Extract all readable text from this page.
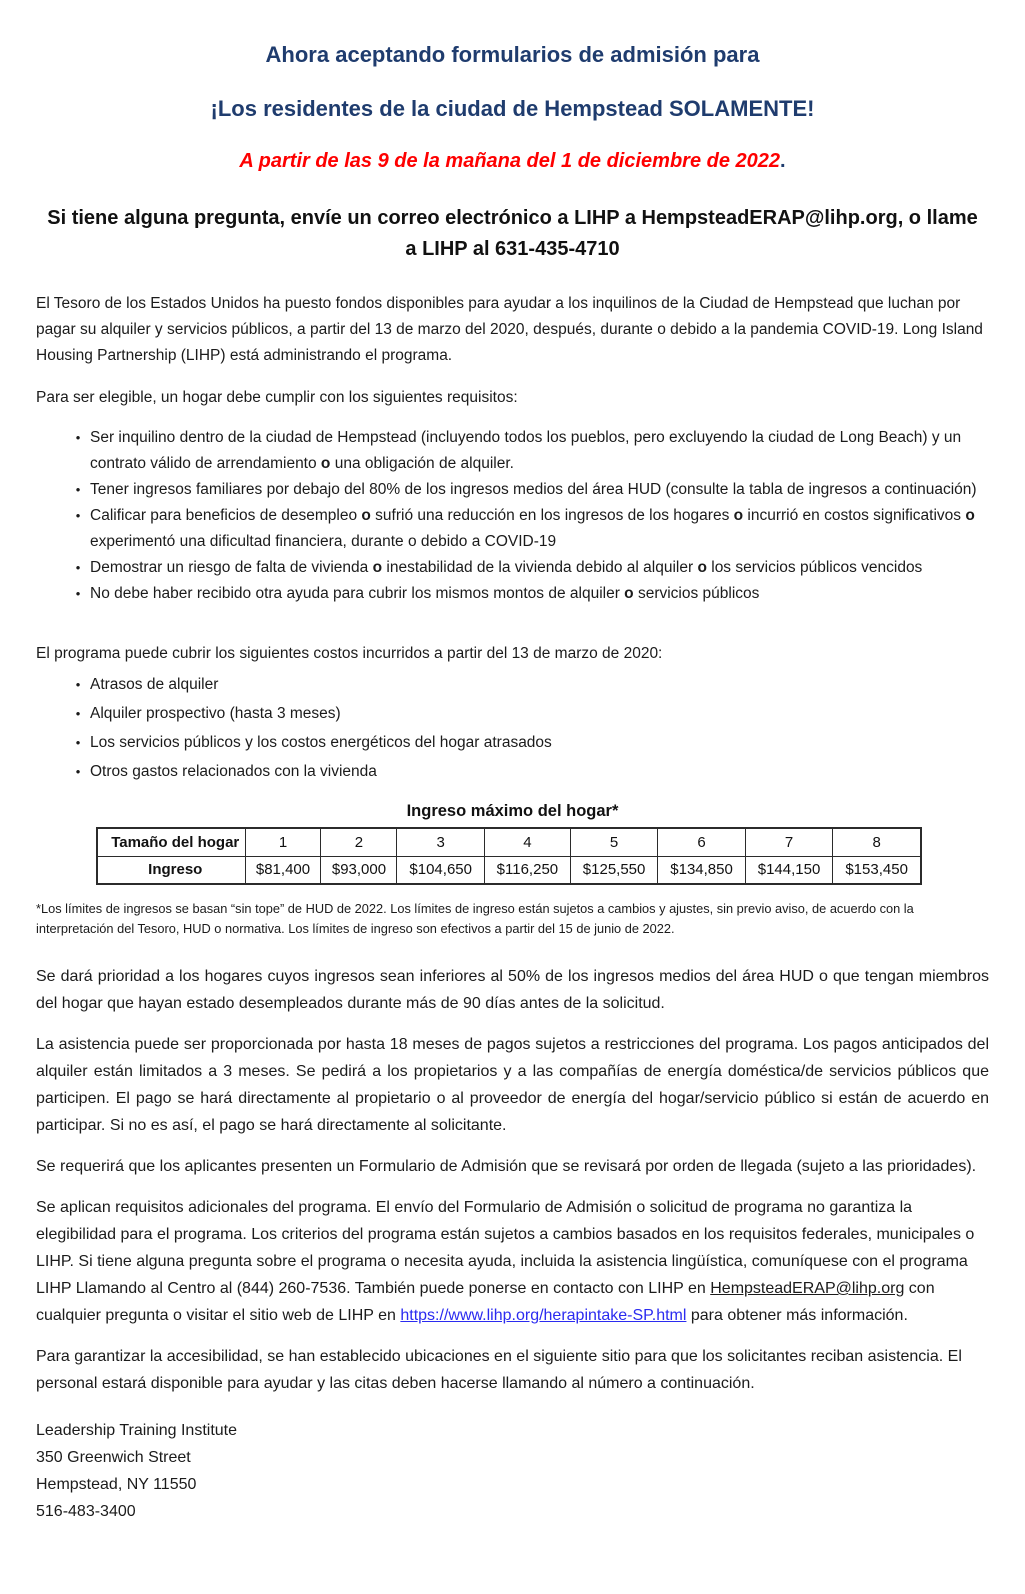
Ahora aceptando formularios de admisión para
¡Los residentes de la ciudad de Hempstead SOLAMENTE!
A partir de las 9 de la mañana del 1 de diciembre de 2022.
Si tiene alguna pregunta, envíe un correo electrónico a LIHP a HempsteadERAP@lihp.org, o llame a LIHP al 631-435-4710
El Tesoro de los Estados Unidos ha puesto fondos disponibles para ayudar a los inquilinos de la Ciudad de Hempstead que luchan por pagar su alquiler y servicios públicos, a partir del 13 de marzo del 2020, después, durante o debido a la pandemia COVID-19. Long Island Housing Partnership (LIHP) está administrando el programa.
Para ser elegible, un hogar debe cumplir con los siguientes requisitos:
• Ser inquilino dentro de la ciudad de Hempstead (incluyendo todos los pueblos, pero excluyendo la ciudad de Long Beach) y un contrato válido de arrendamiento o una obligación de alquiler.
• Tener ingresos familiares por debajo del 80% de los ingresos medios del área HUD (consulte la tabla de ingresos a continuación)
• Calificar para beneficios de desempleo o sufrió una reducción en los ingresos de los hogares o incurrió en costos significativos o experimentó una dificultad financiera, durante o debido a COVID-19
• Demostrar un riesgo de falta de vivienda o inestabilidad de la vivienda debido al alquiler o los servicios públicos vencidos
• No debe haber recibido otra ayuda para cubrir los mismos montos de alquiler o servicios públicos
El programa puede cubrir los siguientes costos incurridos a partir del 13 de marzo de 2020:
• Atrasos de alquiler
• Alquiler prospectivo (hasta 3 meses)
• Los servicios públicos y los costos energéticos del hogar atrasados
• Otros gastos relacionados con la vivienda
Ingreso máximo del hogar*
Tamaño del hogar	1	2	3	4	5	6	7	8
Ingreso	$81,400	$93,000	$104,650	$116,250	$125,550	$134,850	$144,150	$153,450
*Los límites de ingresos se basan “sin tope” de HUD de 2022. Los límites de ingreso están sujetos a cambios y ajustes, sin previo aviso, de acuerdo con la interpretación del Tesoro, HUD o normativa. Los límites de ingreso son efectivos a partir del 15 de junio de 2022.
Se dará prioridad a los hogares cuyos ingresos sean inferiores al 50% de los ingresos medios del área HUD o que tengan miembros del hogar que hayan estado desempleados durante más de 90 días antes de la solicitud.
La asistencia puede ser proporcionada por hasta 18 meses de pagos sujetos a restricciones del programa. Los pagos anticipados del alquiler están limitados a 3 meses. Se pedirá a los propietarios y a las compañías de energía doméstica/de servicios públicos que participen. El pago se hará directamente al propietario o al proveedor de energía del hogar/servicio público si están de acuerdo en participar. Si no es así, el pago se hará directamente al solicitante.
Se requerirá que los aplicantes presenten un Formulario de Admisión que se revisará por orden de llegada (sujeto a las prioridades).
Se aplican requisitos adicionales del programa. El envío del Formulario de Admisión o solicitud de programa no garantiza la elegibilidad para el programa. Los criterios del programa están sujetos a cambios basados en los requisitos federales, municipales o LIHP. Si tiene alguna pregunta sobre el programa o necesita ayuda, incluida la asistencia lingüística, comuníquese con el programa LIHP Llamando al Centro al (844) 260-7536. También puede ponerse en contacto con LIHP en HempsteadERAP@lihp.org con cualquier pregunta o visitar el sitio web de LIHP en https://www.lihp.org/herapintake-SP.html para obtener más información.
Para garantizar la accesibilidad, se han establecido ubicaciones en el siguiente sitio para que los solicitantes reciban asistencia. El personal estará disponible para ayudar y las citas deben hacerse llamando al número a continuación.
Leadership Training Institute
350 Greenwich Street
Hempstead, NY 11550
516-483-3400
